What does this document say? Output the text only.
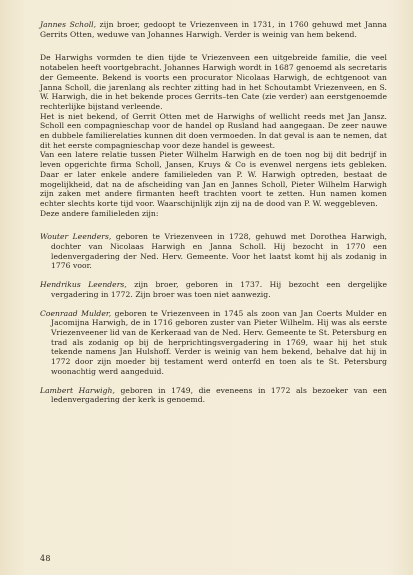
Jannes Scholl, zijn broer, gedoopt te Vriezenveen in 1731, in 1760 gehuwd met Janna Gerrits Otten, weduwe van Johannes Harwigh. Verder is weinig van hem bekend.

De Harwighs vormden te dien tijde te Vriezenveen een uitgebreide familie, die veel notabelen heeft voortgebracht. Johannes Harwigh wordt in 1687 genoemd als secretaris der Gemeente. Bekend is voorts een procurator Nicolaas Harwigh, de echtgenoot van Janna Scholl, die jarenlang als rechter zitting had in het Schoutambt Vriezenveen, en S. W. Harwigh, die in het bekende proces Gerrits–ten Cate (zie verder) aan eerstgenoemde rechterlijke bijstand verleende.

Het is niet bekend, of Gerrit Otten met de Harwighs of wellicht reeds met Jan Jansz. Scholl een compagnieschap voor de handel op Rusland had aangegaan. De zeer nauwe en dubbele familierelaties kunnen dit doen vermoeden. In dat geval is aan te nemen, dat dit het eerste compagnieschap voor deze handel is geweest.

Van een latere relatie tussen Pieter Wilhelm Harwigh en de toen nog bij dit bedrijf in leven opgerichte firma Scholl, Jansen, Kruys & Co is evenwel nergens iets gebleken. Daar er later enkele andere familieleden van P. W. Harwigh optreden, bestaat de mogelijkheid, dat na de afscheiding van Jan en Jannes Scholl, Pieter Wilhelm Harwigh zijn zaken met andere firmanten heeft trachten voort te zetten. Hun namen komen echter slechts korte tijd voor. Waarschijnlijk zijn zij na de dood van P. W. weggebleven.

Deze andere familieleden zijn:

Wouter Leenders, geboren te Vriezenveen in 1728, gehuwd met Dorothea Harwigh, dochter van Nicolaas Harwigh en Janna Scholl. Hij bezocht in 1770 een ledenvergadering der Ned. Herv. Gemeente. Voor het laatst komt hij als zodanig in 1776 voor.

Hendrikus Leenders, zijn broer, geboren in 1737. Hij bezocht een dergelijke vergadering in 1772. Zijn broer was toen niet aanwezig.

Coenraad Mulder, geboren te Vriezenveen in 1745 als zoon van Jan Coerts Mulder en Jacomijna Harwigh, de in 1716 geboren zuster van Pieter Wilhelm. Hij was als eerste Vriezenveener lid van de Kerkeraad van de Ned. Herv. Gemeente te St. Petersburg en trad als zodanig op bij de herprichtingsvergadering in 1769, waar hij het stuk tekende namens Jan Hulshoff. Verder is weinig van hem bekend, behalve dat hij in 1772 door zijn moeder bij testament werd onterfd en toen als te St. Petersburg woonachtig werd aangeduid.

Lambert Harwigh, geboren in 1749, die eveneens in 1772 als bezoeker van een ledenvergadering der kerk is genoemd.

48
